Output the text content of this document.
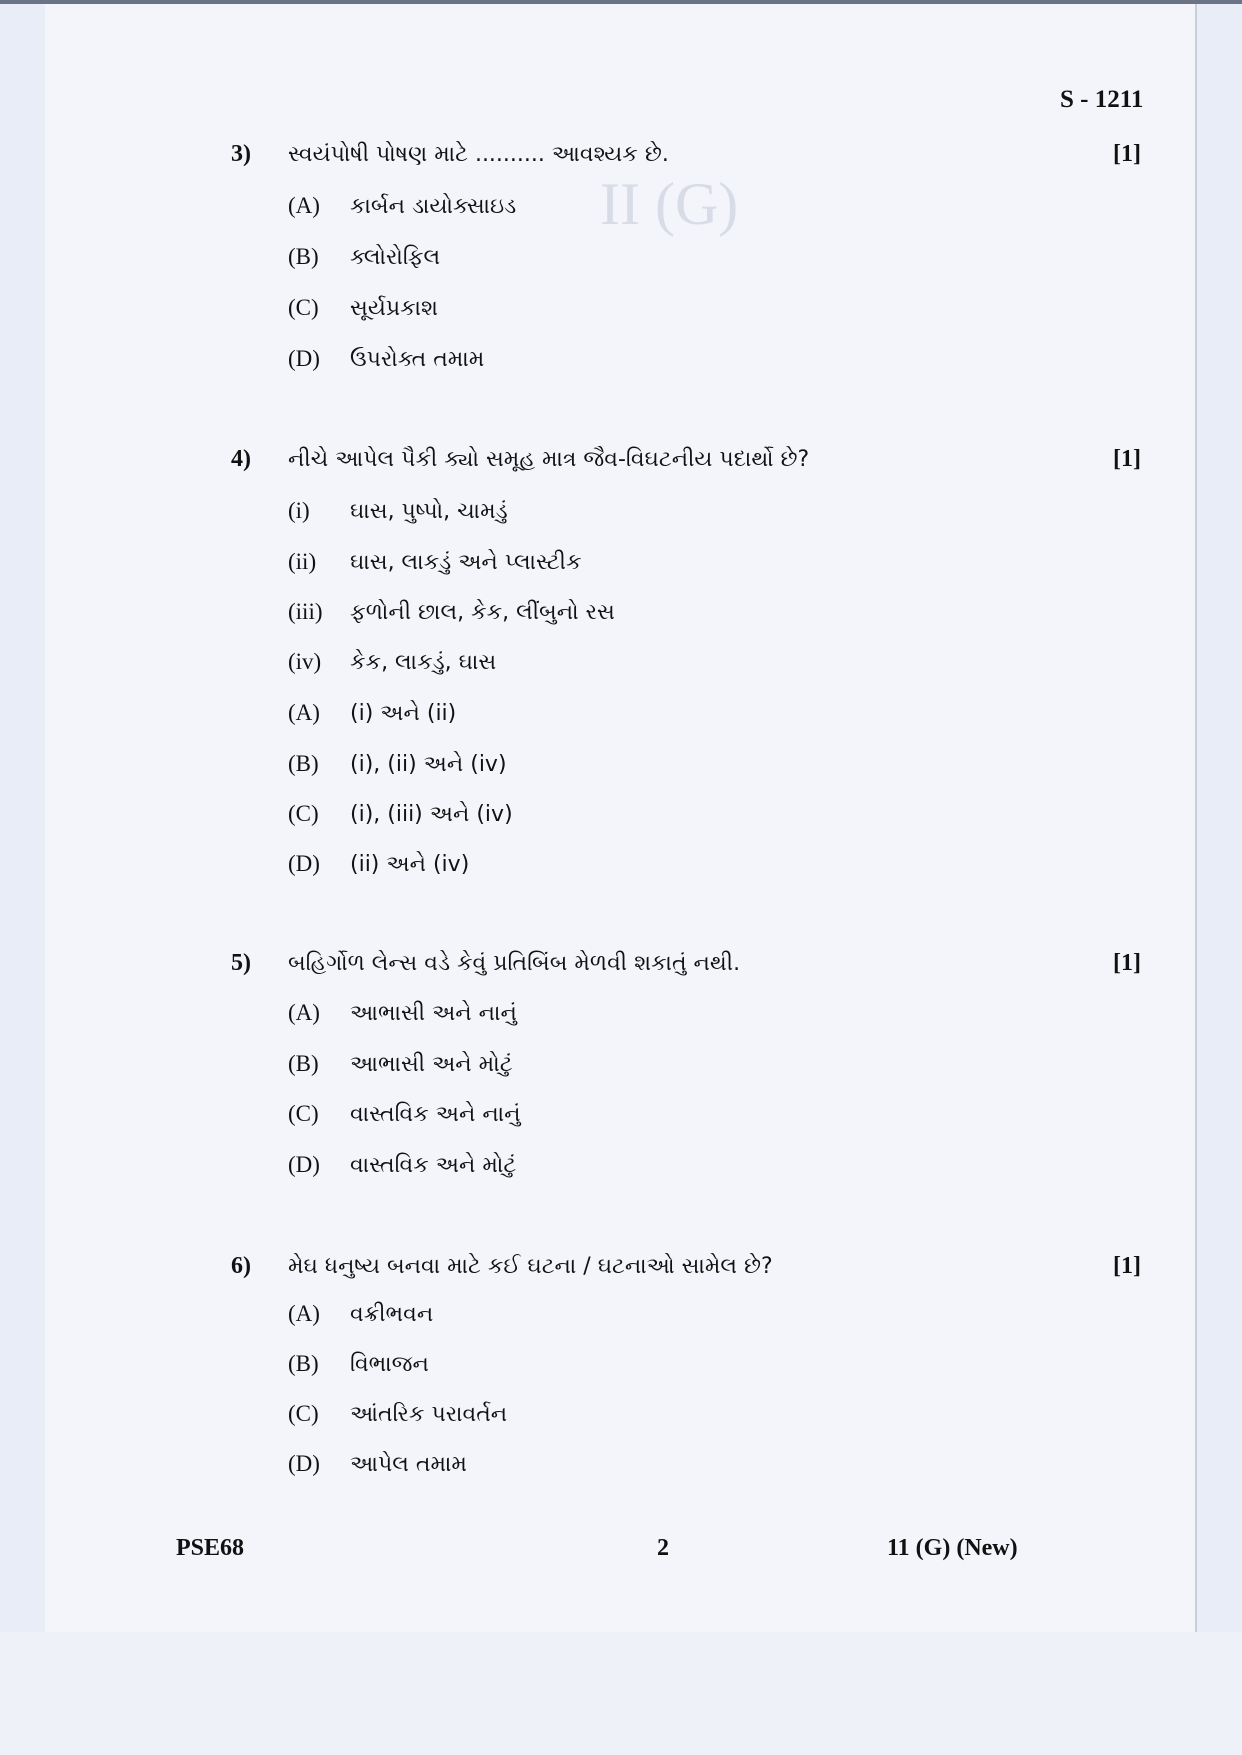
II (G)
S - 1211
3) સ્વયંપોષી પોષણ માટે .......... આવશ્યક છે.	[1]
(A) કાર્બન ડાયોક્સાઇડ
(B) ક્લોરોફિલ
(C) સૂર્યપ્રકાશ
(D) ઉપરોક્ત તમામ
4) નીચે આપેલ પૈકી ક્યો સમૂહ માત્ર જૈવ-વિઘટનીય પદાર્થો છે?	[1]
(i) ઘાસ, પુષ્પો, ચામડું
(ii) ઘાસ, લાકડું અને પ્લાસ્ટીક
(iii) ફળોની છાલ, કેક, લીંબુનો રસ
(iv) કેક, લાકડું, ઘાસ
(A) (i) અને (ii)
(B) (i), (ii) અને (iv)
(C) (i), (iii) અને (iv)
(D) (ii) અને (iv)
5) બહિર્ગોળ લેન્સ વડે કેવું પ્રતિબિંબ મેળવી શકાતું નથી.	[1]
(A) આભાસી અને નાનું
(B) આભાસી અને મોટું
(C) વાસ્તવિક અને નાનું
(D) વાસ્તવિક અને મોટું
6) મેઘ ધનુષ્ય બનવા માટે કઈ ઘટના / ઘટનાઓ સામેલ છે?	[1]
(A) વક્રીભવન
(B) વિભાજન
(C) આંતરિક પરાવર્તન
(D) આપેલ તમામ
PSE68	2	11 (G) (New)
